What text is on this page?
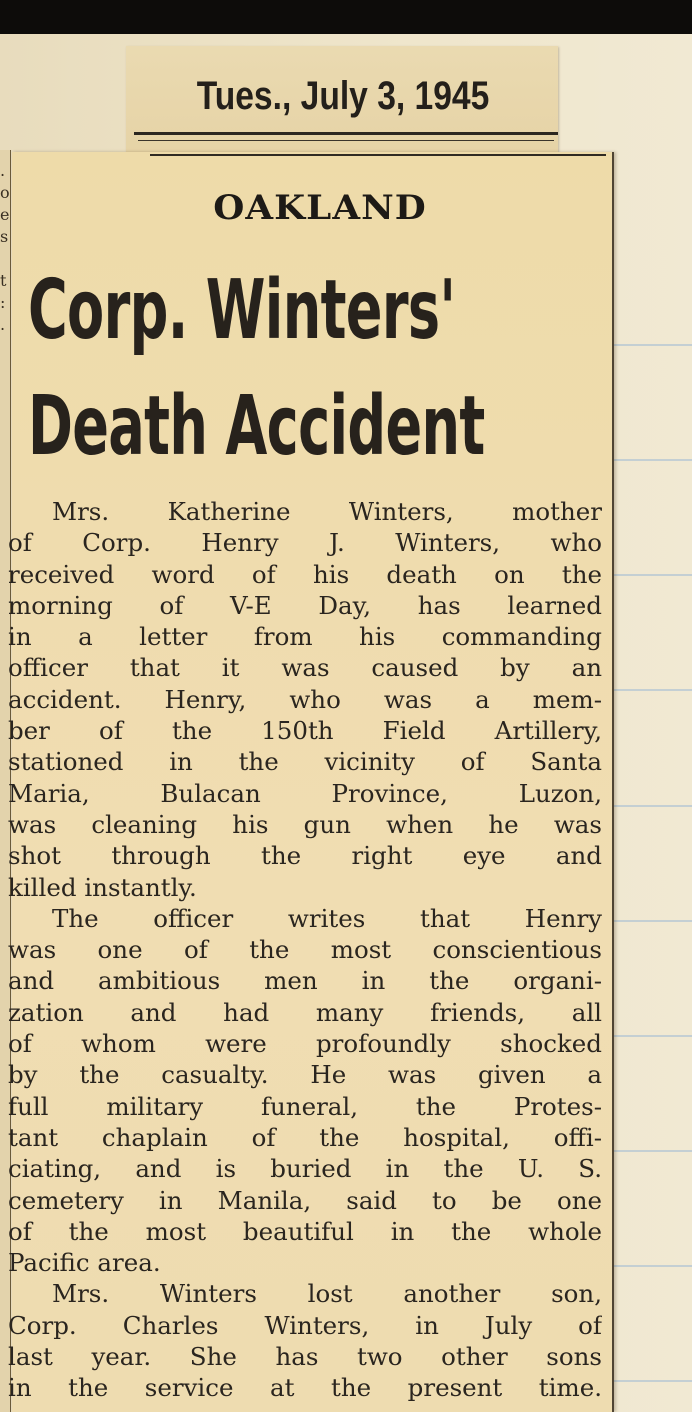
.
o
e
s

t
:
.
Tues., July 3, 1945
OAKLAND
Corp. Winters'
Death Accident
Mrs. Katherine Winters, mother
of Corp. Henry J. Winters, who
received word of his death on the
morning of V-E Day, has learned
in a letter from his commanding
officer that it was caused by an
accident. Henry, who was a mem-
ber of the 150th Field Artillery,
stationed in the vicinity of Santa
Maria, Bulacan Province, Luzon,
was cleaning his gun when he was
shot through the right eye and
killed instantly.
The officer writes that Henry
was one of the most conscientious
and ambitious men in the organi-
zation and had many friends, all
of whom were profoundly shocked
by the casualty. He was given a
full military funeral, the Protes-
tant chaplain of the hospital, offi-
ciating, and is buried in the U. S.
cemetery in Manila, said to be one
of the most beautiful in the whole
Pacific area.
Mrs. Winters lost another son,
Corp. Charles Winters, in July of
last year. She has two other sons
in the service at the present time.
